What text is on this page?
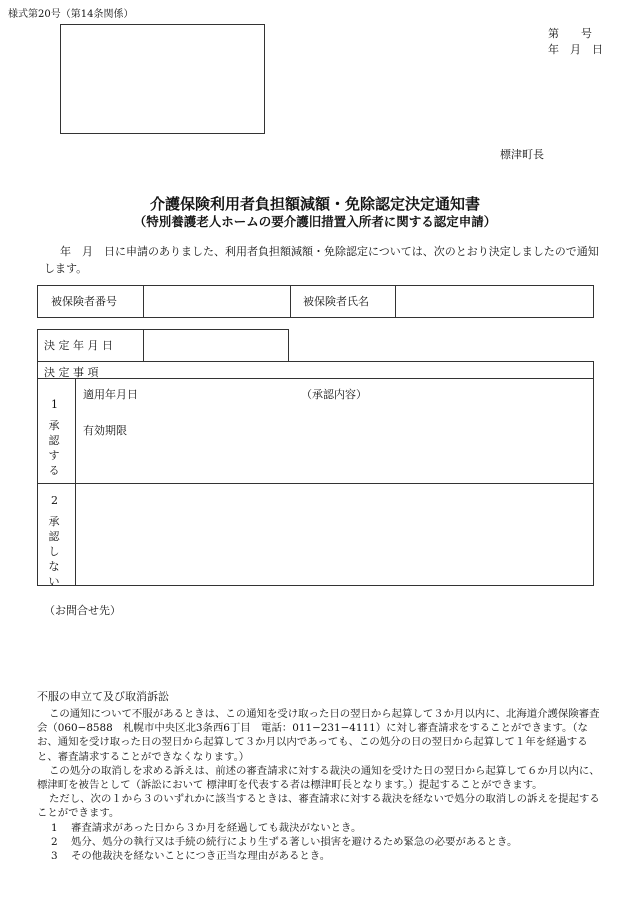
様式第20号（第14条関係）
第　　号
年　月　日
標津町長
介護保険利用者負担額減額・免除認定決定通知書
（特別養護老人ホームの要介護旧措置入所者に関する認定申請）
年　月　日に申請のありました、利用者負担額減額・免除認定については、次のとおり決定しましたので通知します。
被保険者番号	被保険者氏名
決 定 年 月 日
決 定 事 項
1
承認する
適用年月日	（承認内容）
有効期限
2
承認しない
（お問合せ先）
不服の申立て及び取消訴訟

この通知について不服があるときは、この通知を受け取った日の翌日から起算して３か月以内に、北海道介護保険審査会（060−8588　札幌市中央区北3条西6丁目　電話：011−231−4111）に対し審査請求をすることができます。（なお、通知を受け取った日の翌日から起算して３か月以内であっても、この処分の日の翌日から起算して１年を経過すると、審査請求することができなくなります。）

この処分の取消しを求める訴えは、前述の審査請求に対する裁決の通知を受けた日の翌日から起算して６か月以内に、標津町を被告として（訴訟において 標津町を代表する者は標津町長となります。）提起することができます。

ただし、次の１から３のいずれかに該当するときは、審査請求に対する裁決を経ないで処分の取消しの訴えを提起することができます。

1 審査請求があった日から３か月を経過しても裁決がないとき。
2 処分、処分の執行又は手続の続行により生ずる著しい損害を避けるため緊急の必要があるとき。
3 その他裁決を経ないことにつき正当な理由があるとき。
